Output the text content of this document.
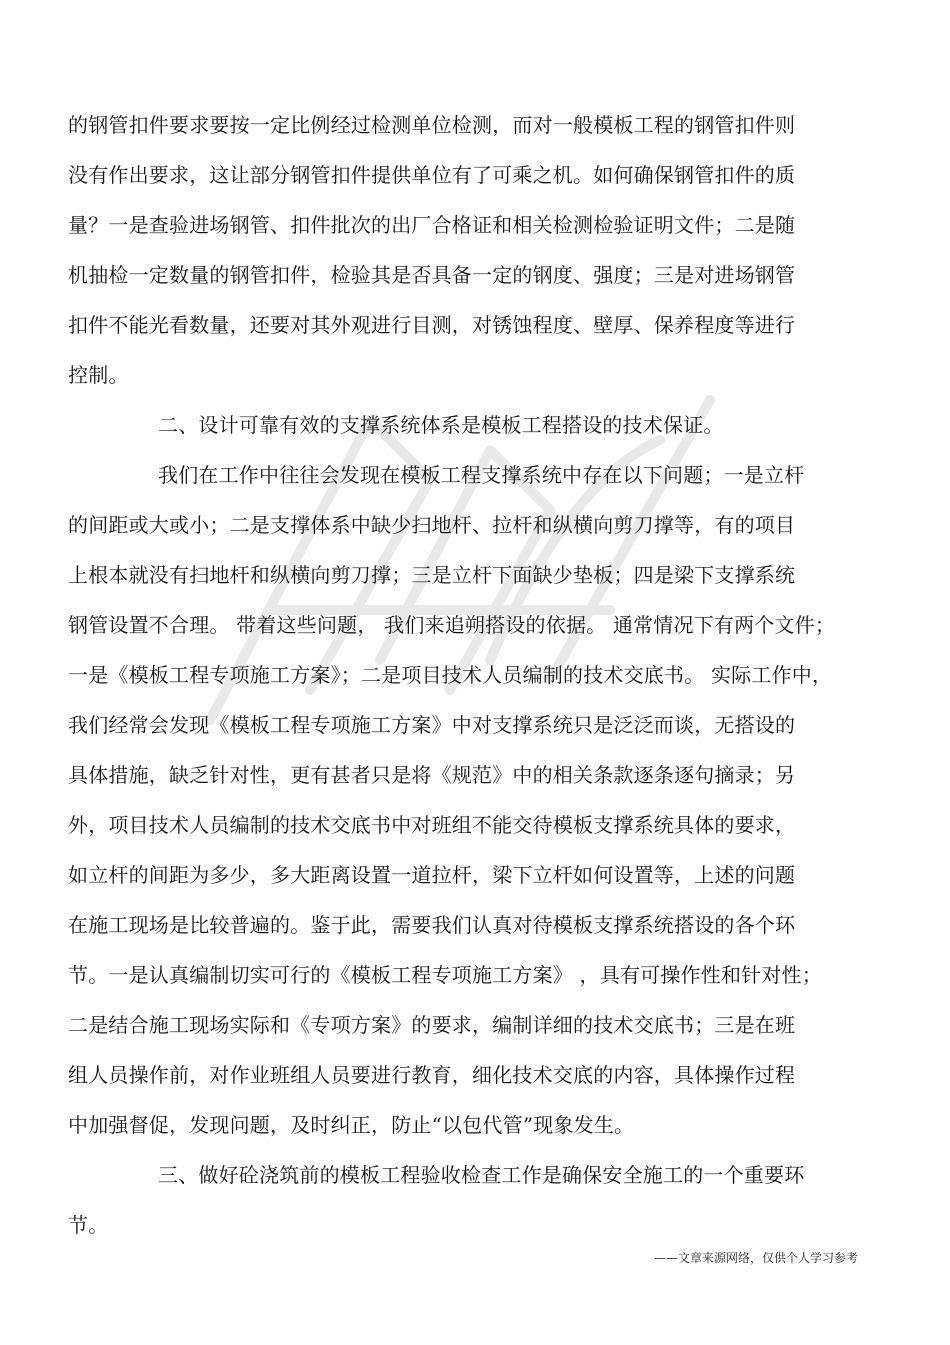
的钢管扣件要求要按一定比例经过检测单位检测，而对一般模板工程的钢管扣件则
没有作出要求，这让部分钢管扣件提供单位有了可乘之机。如何确保钢管扣件的质
量？一是查验进场钢管、扣件批次的出厂合格证和相关检测检验证明文件；二是随
机抽检一定数量的钢管扣件，检验其是否具备一定的钢度、强度；三是对进场钢管
扣件不能光看数量，还要对其外观进行目测，对锈蚀程度、壁厚、保养程度等进行
控制。
二、设计可靠有效的支撑系统体系是模板工程搭设的技术保证。
我们在工作中往往会发现在模板工程支撑系统中存在以下问题；一是立杆
的间距或大或小；二是支撑体系中缺少扫地杆、拉杆和纵横向剪刀撑等，有的项目
上根本就没有扫地杆和纵横向剪刀撑；三是立杆下面缺少垫板；四是梁下支撑系统
钢管设置不合理。 带着这些问题， 我们来追朔搭设的依据。 通常情况下有两个文件；
一是《模板工程专项施工方案》；二是项目技术人员编制的技术交底书。 实际工作中，
我们经常会发现《模板工程专项施工方案》中对支撑系统只是泛泛而谈，无搭设的
具体措施，缺乏针对性，更有甚者只是将《规范》中的相关条款逐条逐句摘录；另
外，项目技术人员编制的技术交底书中对班组不能交待模板支撑系统具体的要求，
如立杆的间距为多少，多大距离设置一道拉杆，梁下立杆如何设置等，上述的问题
在施工现场是比较普遍的。鉴于此，需要我们认真对待模板支撑系统搭设的各个环
节。一是认真编制切实可行的《模板工程专项施工方案》 ，具有可操作性和针对性；
二是结合施工现场实际和《专项方案》的要求，编制详细的技术交底书；三是在班
组人员操作前，对作业班组人员要进行教育，细化技术交底的内容，具体操作过程
中加强督促，发现问题，及时纠正，防止“以包代管”现象发生。
三、做好砼浇筑前的模板工程验收检查工作是确保安全施工的一个重要环
节。
——文章来源网络，仅供个人学习参考
